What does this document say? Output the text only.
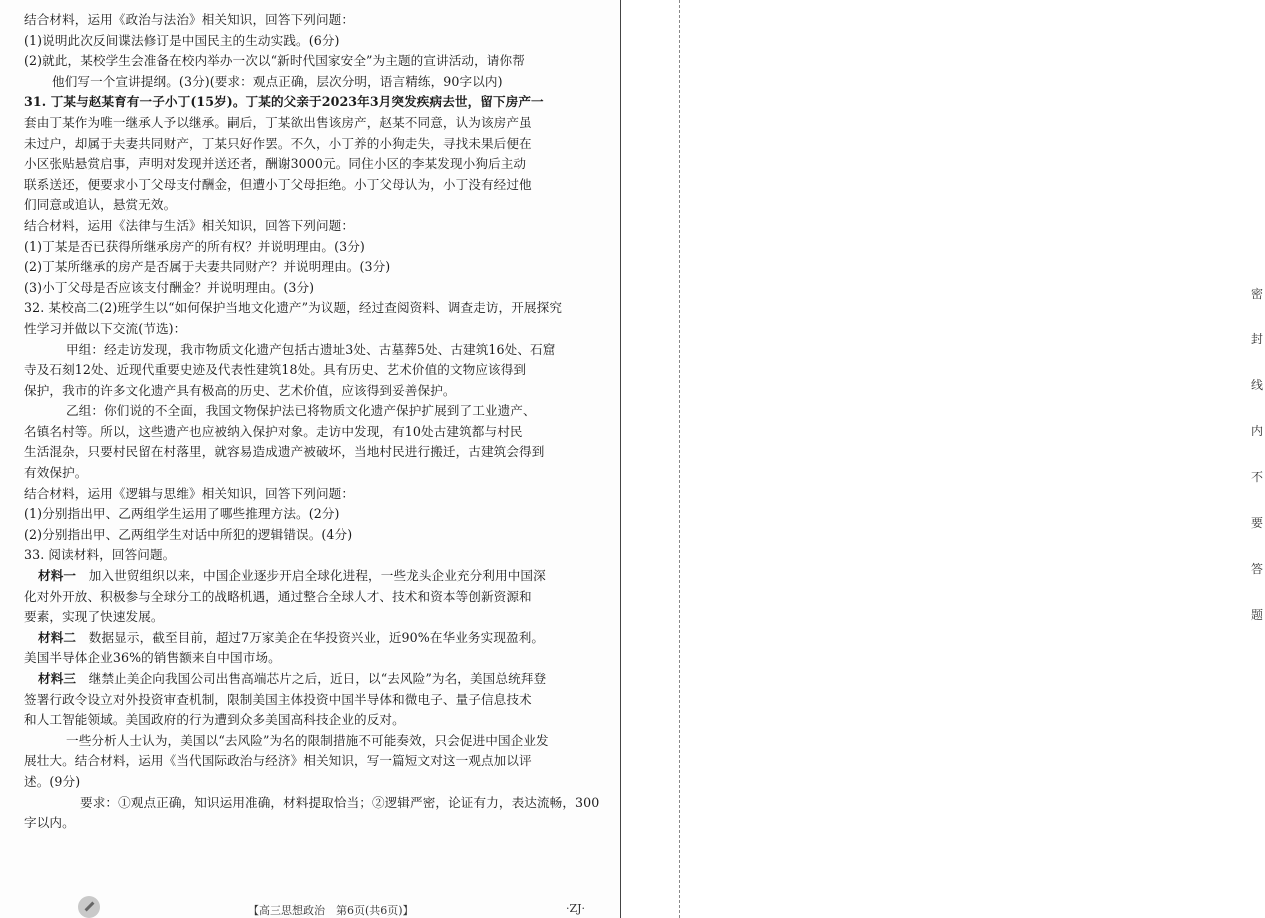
结合材料，运用《政治与法治》相关知识，回答下列问题：
(1)说明此次反间谍法修订是中国民主的生动实践。(6分)
(2)就此，某校学生会准备在校内举办一次以“新时代国家安全”为主题的宣讲活动，请你帮
他们写一个宣讲提纲。(3分)(要求：观点正确，层次分明，语言精练，90字以内)
31. 丁某与赵某育有一子小丁(15岁)。丁某的父亲于2023年3月突发疾病去世，留下房产一
套由丁某作为唯一继承人予以继承。嗣后，丁某欲出售该房产，赵某不同意，认为该房产虽
未过户，却属于夫妻共同财产，丁某只好作罢。不久，小丁养的小狗走失，寻找未果后便在
小区张贴悬赏启事，声明对发现并送还者，酬谢3000元。同住小区的李某发现小狗后主动
联系送还，便要求小丁父母支付酬金，但遭小丁父母拒绝。小丁父母认为，小丁没有经过他
们同意或追认，悬赏无效。
结合材料，运用《法律与生活》相关知识，回答下列问题：
(1)丁某是否已获得所继承房产的所有权？并说明理由。(3分)
(2)丁某所继承的房产是否属于夫妻共同财产？并说明理由。(3分)
(3)小丁父母是否应该支付酬金？并说明理由。(3分)
32. 某校高二(2)班学生以“如何保护当地文化遗产”为议题，经过查阅资料、调查走访，开展探究
性学习并做以下交流(节选)：
甲组：经走访发现，我市物质文化遗产包括古遗址3处、古墓葬5处、古建筑16处、石窟
寺及石刻12处、近现代重要史迹及代表性建筑18处。具有历史、艺术价值的文物应该得到
保护，我市的许多文化遗产具有极高的历史、艺术价值，应该得到妥善保护。
乙组：你们说的不全面，我国文物保护法已将物质文化遗产保护扩展到了工业遗产、
名镇名村等。所以，这些遗产也应被纳入保护对象。走访中发现，有10处古建筑都与村民
生活混杂，只要村民留在村落里，就容易造成遗产被破坏，当地村民进行搬迁，古建筑会得到
有效保护。
结合材料，运用《逻辑与思维》相关知识，回答下列问题：
(1)分别指出甲、乙两组学生运用了哪些推理方法。(2分)
(2)分别指出甲、乙两组学生对话中所犯的逻辑错误。(4分)
33. 阅读材料，回答问题。
材料一　 加入世贸组织以来，中国企业逐步开启全球化进程，一些龙头企业充分利用中国深
化对外开放、积极参与全球分工的战略机遇，通过整合全球人才、技术和资本等创新资源和
要素，实现了快速发展。
材料二　 数据显示，截至目前，超过7万家美企在华投资兴业，近90%在华业务实现盈利。
美国半导体企业36%的销售额来自中国市场。
材料三　 继禁止美企向我国公司出售高端芯片之后，近日，以“去风险”为名，美国总统拜登
签署行政令设立对外投资审查机制，限制美国主体投资中国半导体和微电子、量子信息技术
和人工智能领域。美国政府的行为遭到众多美国高科技企业的反对。
一些分析人士认为，美国以“去风险”为名的限制措施不可能奏效，只会促进中国企业发
展壮大。结合材料，运用《当代国际政治与经济》相关知识，写一篇短文对这一观点加以评
述。(9分)
要求：①观点正确，知识运用准确，材料提取恰当；②逻辑严密，论证有力，表达流畅，300
字以内。
【高三思想政治　第6页(共6页)】	·ZJ·
密
封
线
内
不
要
答
题
